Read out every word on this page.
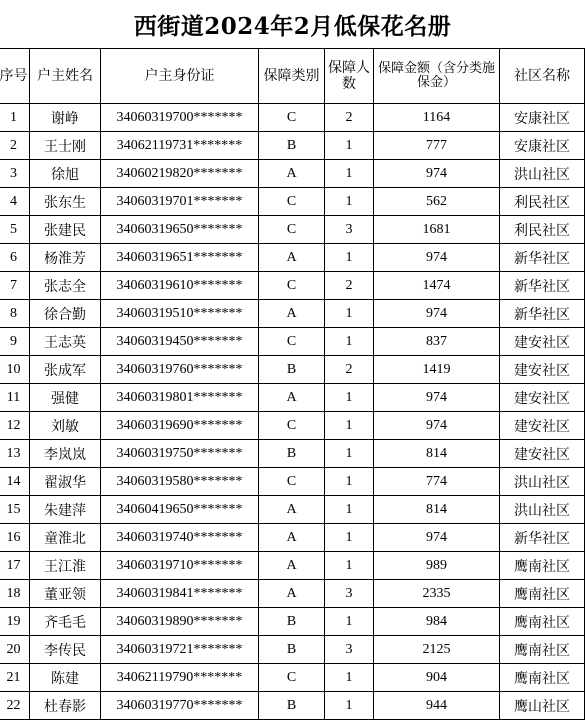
西街道2024年2月低保花名册
序号	户主姓名	户主身份证	保障类别	保障人数	保障金额（含分类施保金）	社区名称
1	谢峥	34060319700*******	C	2	1164	安康社区
2	王士刚	34062119731*******	B	1	777	安康社区
3	徐旭	34060219820*******	A	1	974	洪山社区
4	张东生	34060319701*******	C	1	562	利民社区
5	张建民	34060319650*******	C	3	1681	利民社区
6	杨淮芳	34060319651*******	A	1	974	新华社区
7	张志全	34060319610*******	C	2	1474	新华社区
8	徐合勤	34060319510*******	A	1	974	新华社区
9	王志英	34060319450*******	C	1	837	建安社区
10	张成军	34060319760*******	B	2	1419	建安社区
11	强健	34060319801*******	A	1	974	建安社区
12	刘敏	34060319690*******	C	1	974	建安社区
13	李岚岚	34060319750*******	B	1	814	建安社区
14	翟淑华	34060319580*******	C	1	774	洪山社区
15	朱建萍	34060419650*******	A	1	814	洪山社区
16	童淮北	34060319740*******	A	1	974	新华社区
17	王江淮	34060319710*******	A	1	989	鹰南社区
18	董亚领	34060319841*******	A	3	2335	鹰南社区
19	齐毛毛	34060319890*******	B	1	984	鹰南社区
20	李传民	34060319721*******	B	3	2125	鹰南社区
21	陈建	34062119790*******	C	1	904	鹰南社区
22	杜春影	34060319770*******	B	1	944	鹰山社区
